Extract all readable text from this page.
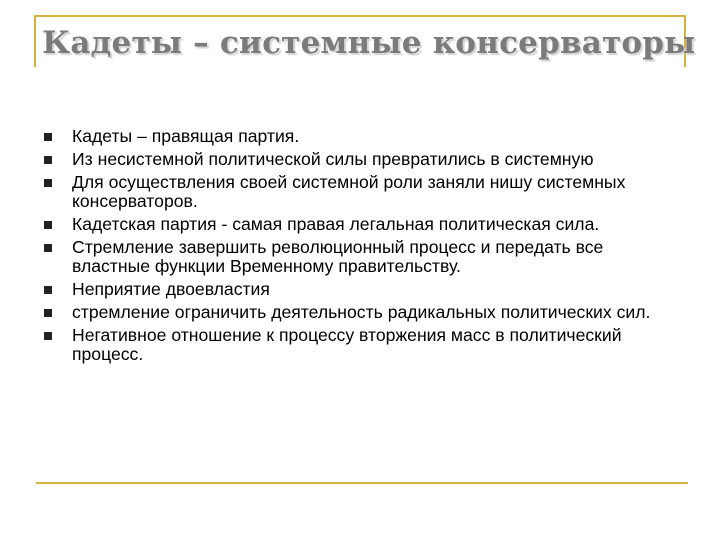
Кадеты – системные консерваторы
Кадеты – правящая партия.
Из несистемной политической силы превратились в системную
Для осуществления своей системной роли заняли нишу системных консерваторов.
Кадетская партия - самая правая легальная политическая сила.
Стремление завершить революционный процесс и передать все властные функции Временному правительству.
Неприятие двоевластия
стремление ограничить деятельность радикальных политических сил.
Негативное отношение к процессу вторжения масс в политический процесс.
